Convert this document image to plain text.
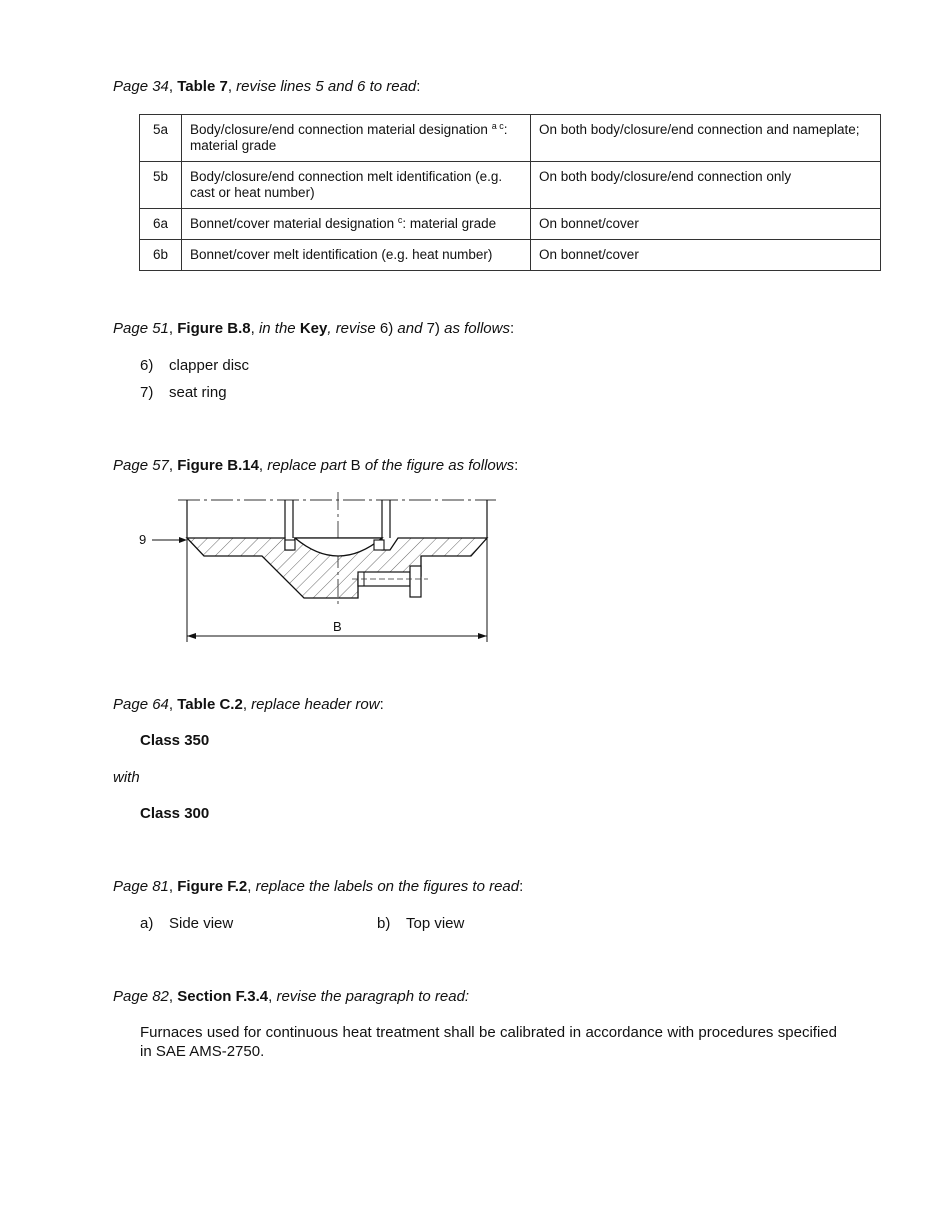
Page 34, Table 7, revise lines 5 and 6 to read:
5a	Body/closure/end connection material designation $^{a c}$: material grade	On both body/closure/end connection and nameplate;
5b	Body/closure/end connection melt identification (e.g. cast or heat number)	On both body/closure/end connection only
6a	Bonnet/cover material designation $^c$: material grade	On bonnet/cover
6b	Bonnet/cover melt identification (e.g. heat number)	On bonnet/cover
Page 51, Figure B.8, in the Key, revise 6) and 7) as follows:
6) clapper disc
7) seat ring
Page 57, Figure B.14, replace part B of the figure as follows:
9
B
Page 64, Table C.2, replace header row:
Class 350
with
Class 300
Page 81, Figure F.2, replace the labels on the figures to read:
a) Side view	b) Top view
Page 82, Section F.3.4, revise the paragraph to read:
Furnaces used for continuous heat treatment shall be calibrated in accordance with procedures specified in SAE AMS-2750.
